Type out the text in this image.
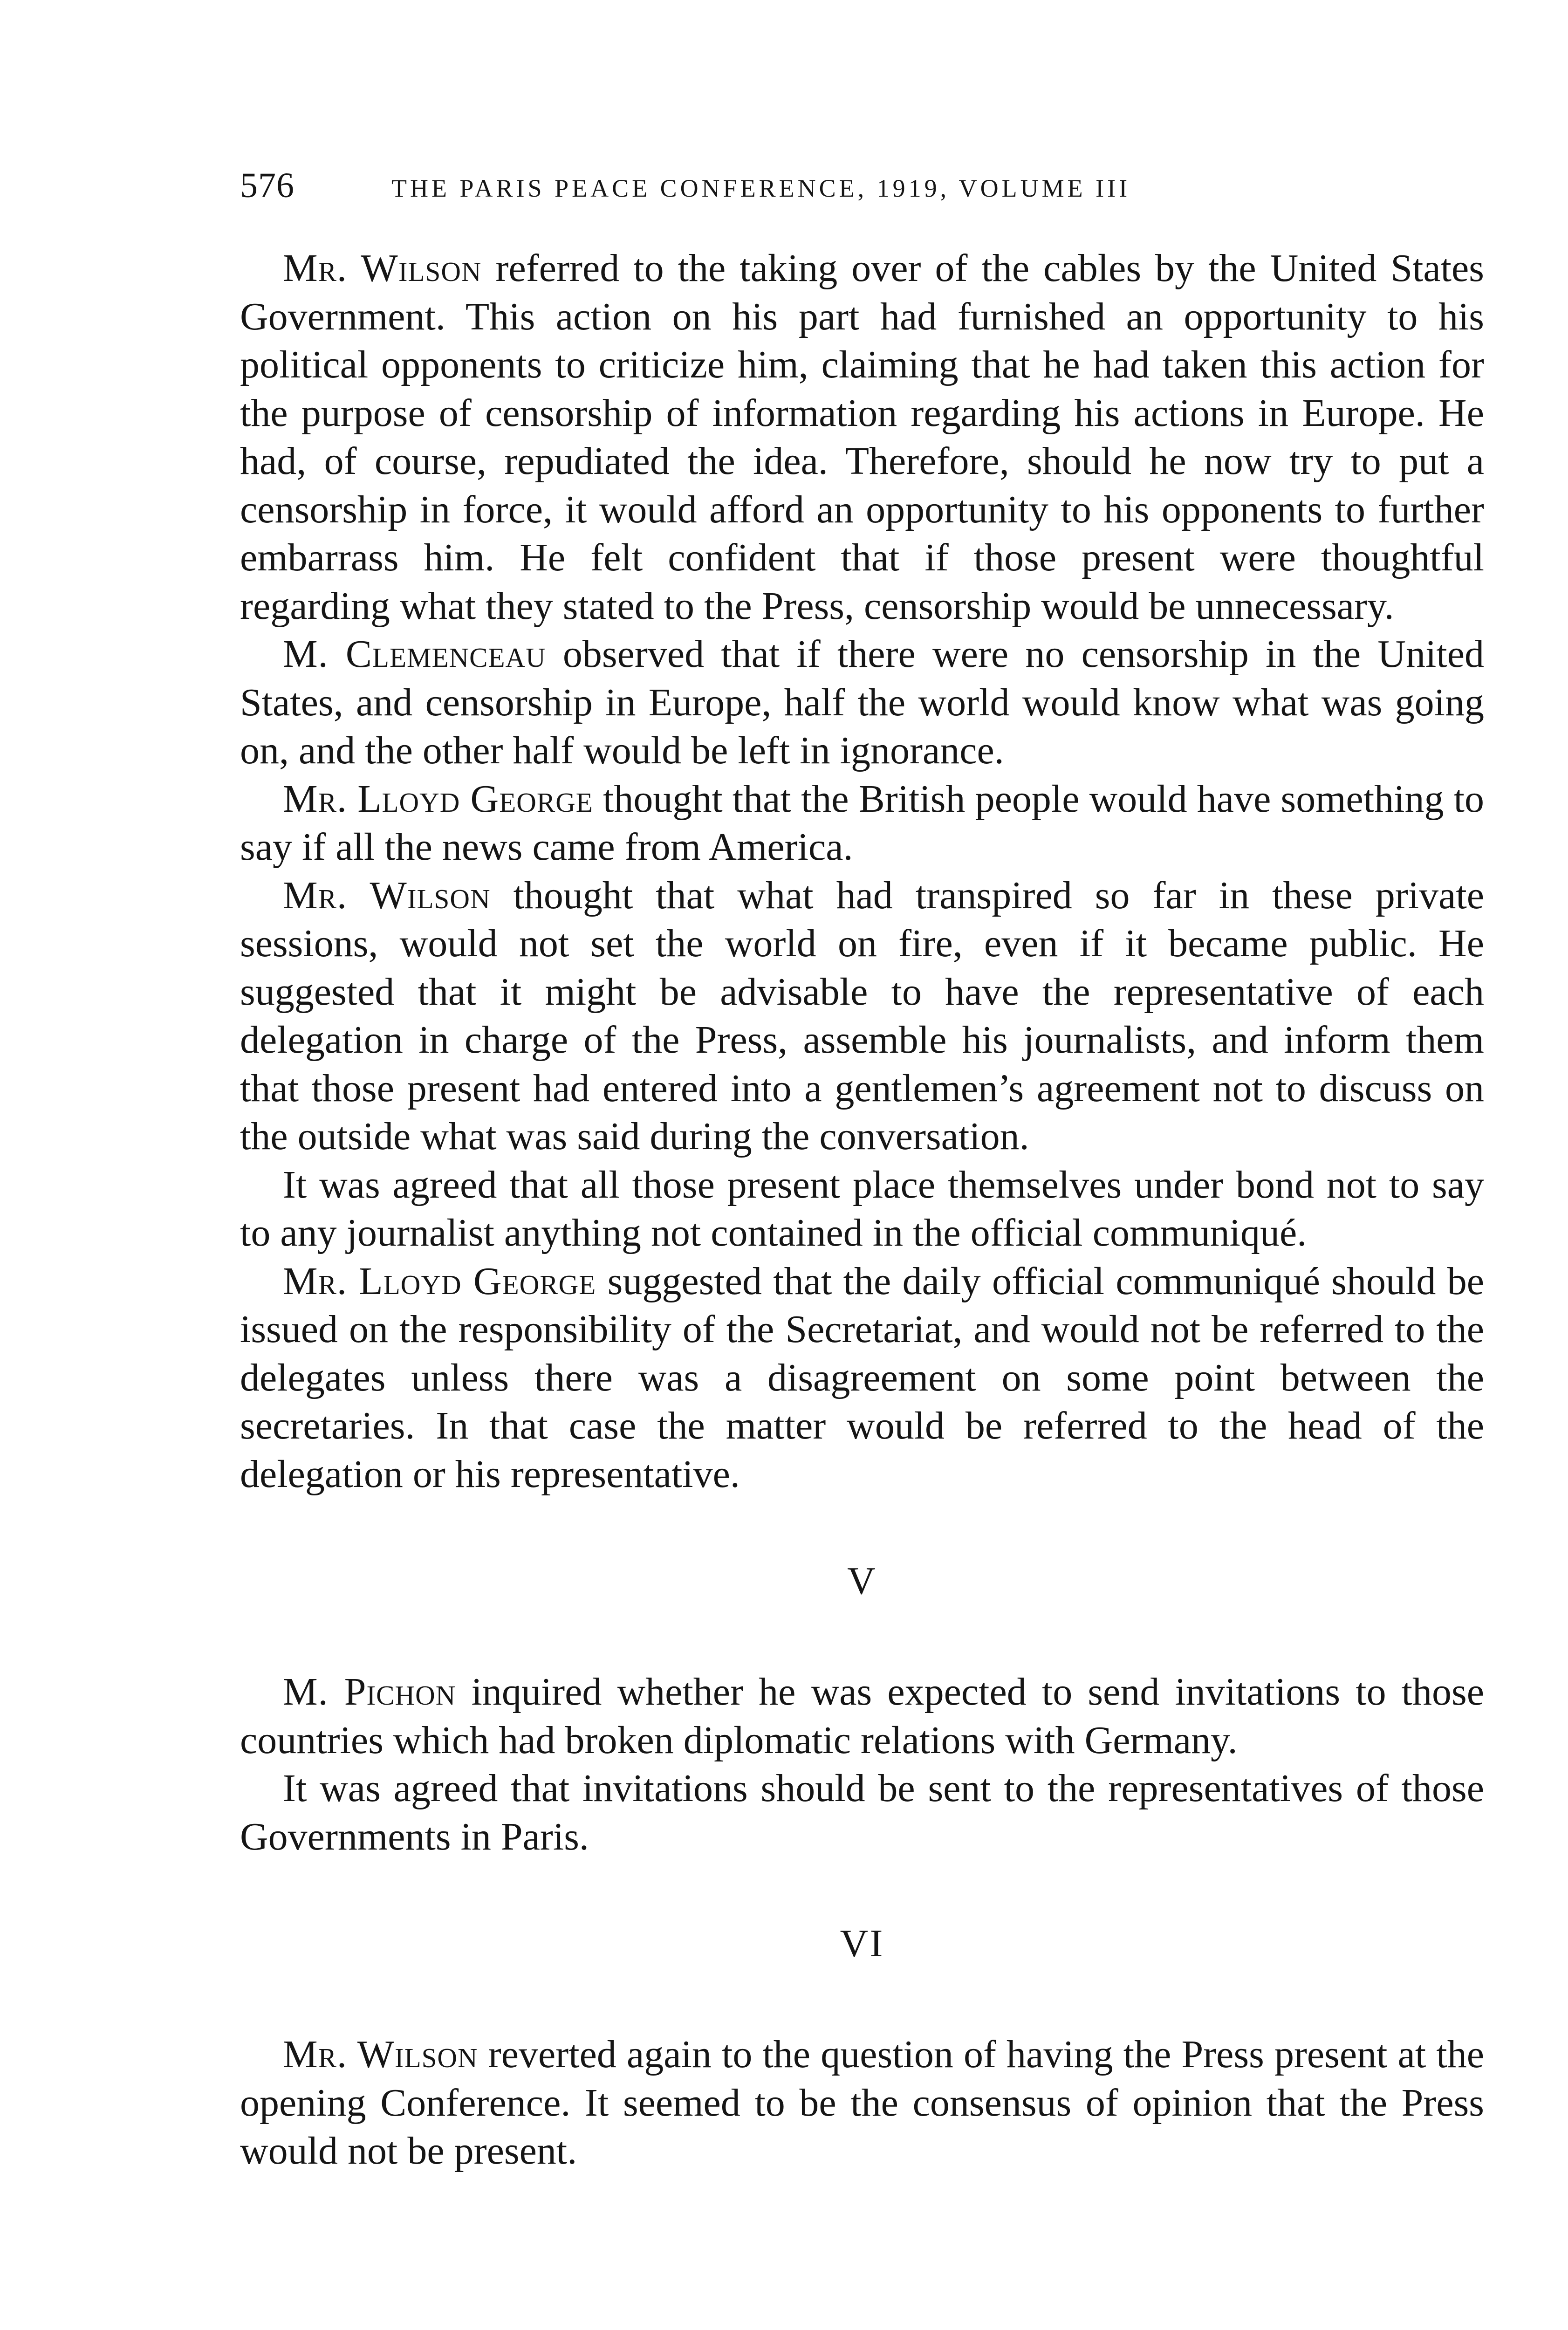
576	THE PARIS PEACE CONFERENCE, 1919, VOLUME III

Mr. Wilson referred to the taking over of the cables by the United States Government. This action on his part had furnished an opportunity to his political opponents to criticize him, claiming that he had taken this action for the purpose of censorship of information regarding his actions in Europe. He had, of course, repudiated the idea. Therefore, should he now try to put a censorship in force, it would afford an opportunity to his opponents to further embarrass him. He felt confident that if those present were thoughtful regarding what they stated to the Press, censorship would be unnecessary.

M. Clemenceau observed that if there were no censorship in the United States, and censorship in Europe, half the world would know what was going on, and the other half would be left in ignorance.

Mr. Lloyd George thought that the British people would have something to say if all the news came from America.

Mr. Wilson thought that what had transpired so far in these private sessions, would not set the world on fire, even if it became public. He suggested that it might be advisable to have the representative of each delegation in charge of the Press, assemble his journalists, and inform them that those present had entered into a gentlemen’s agreement not to discuss on the outside what was said during the conversation.

It was agreed that all those present place themselves under bond not to say to any journalist anything not contained in the official communiqué.

Mr. Lloyd George suggested that the daily official communiqué should be issued on the responsibility of the Secretariat, and would not be referred to the delegates unless there was a disagreement on some point between the secretaries. In that case the matter would be referred to the head of the delegation or his representative.

V

M. Pichon inquired whether he was expected to send invitations to those countries which had broken diplomatic relations with Germany.

It was agreed that invitations should be sent to the representatives of those Governments in Paris.

VI

Mr. Wilson reverted again to the question of having the Press present at the opening Conference. It seemed to be the consensus of opinion that the Press would not be present.
